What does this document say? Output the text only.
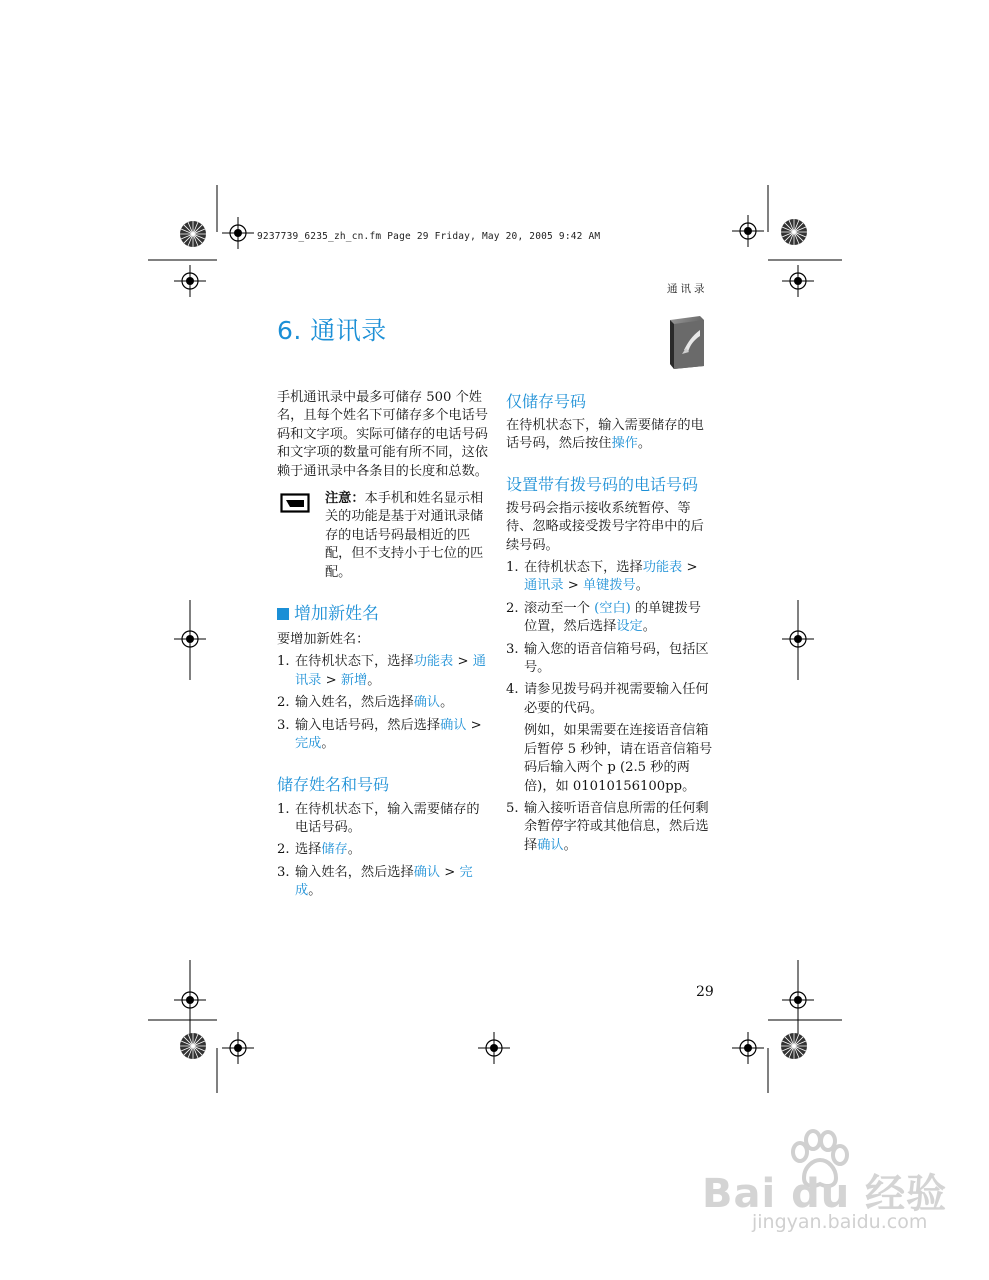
9237739_6235_zh_cn.fm Page 29 Friday, May 20, 2005 9:42 AM
通讯录
6. 通讯录
手机通讯录中最多可储存 500 个姓名，且每个姓名下可储存多个电话号码和文字项。实际可储存的电话号码和文字项的数量可能有所不同，这依赖于通讯录中各条目的长度和总数。
注意：本手机和姓名显示相关的功能是基于对通讯录储存的电话号码最相近的匹配，但不支持小于七位的匹配。
增加新姓名
要增加新姓名：
1. 在待机状态下，选择功能表 > 通讯录 > 新增。
2. 输入姓名，然后选择确认。
3. 输入电话号码，然后选择确认 > 完成。
储存姓名和号码
1. 在待机状态下，输入需要储存的电话号码。
2. 选择储存。
3. 输入姓名，然后选择确认 > 完成。
仅储存号码
在待机状态下，输入需要储存的电话号码，然后按住操作。
设置带有拨号码的电话号码
拨号码会指示接收系统暂停、等待、忽略或接受拨号字符串中的后续号码。
1. 在待机状态下，选择功能表 > 通讯录 > 单键拨号。
2. 滚动至一个 (空白) 的单键拨号位置，然后选择设定。
3. 输入您的语音信箱号码，包括区号。
4. 请参见拨号码并视需要输入任何必要的代码。
例如，如果需要在连接语音信箱后暂停 5 秒钟，请在语音信箱号码后输入两个 p (2.5 秒的两倍)，如 01010156100pp。
5. 输入接听语音信息所需的任何剩余暂停字符或其他信息，然后选择确认。
29
Bai du 经验
jingyan.baidu.com
